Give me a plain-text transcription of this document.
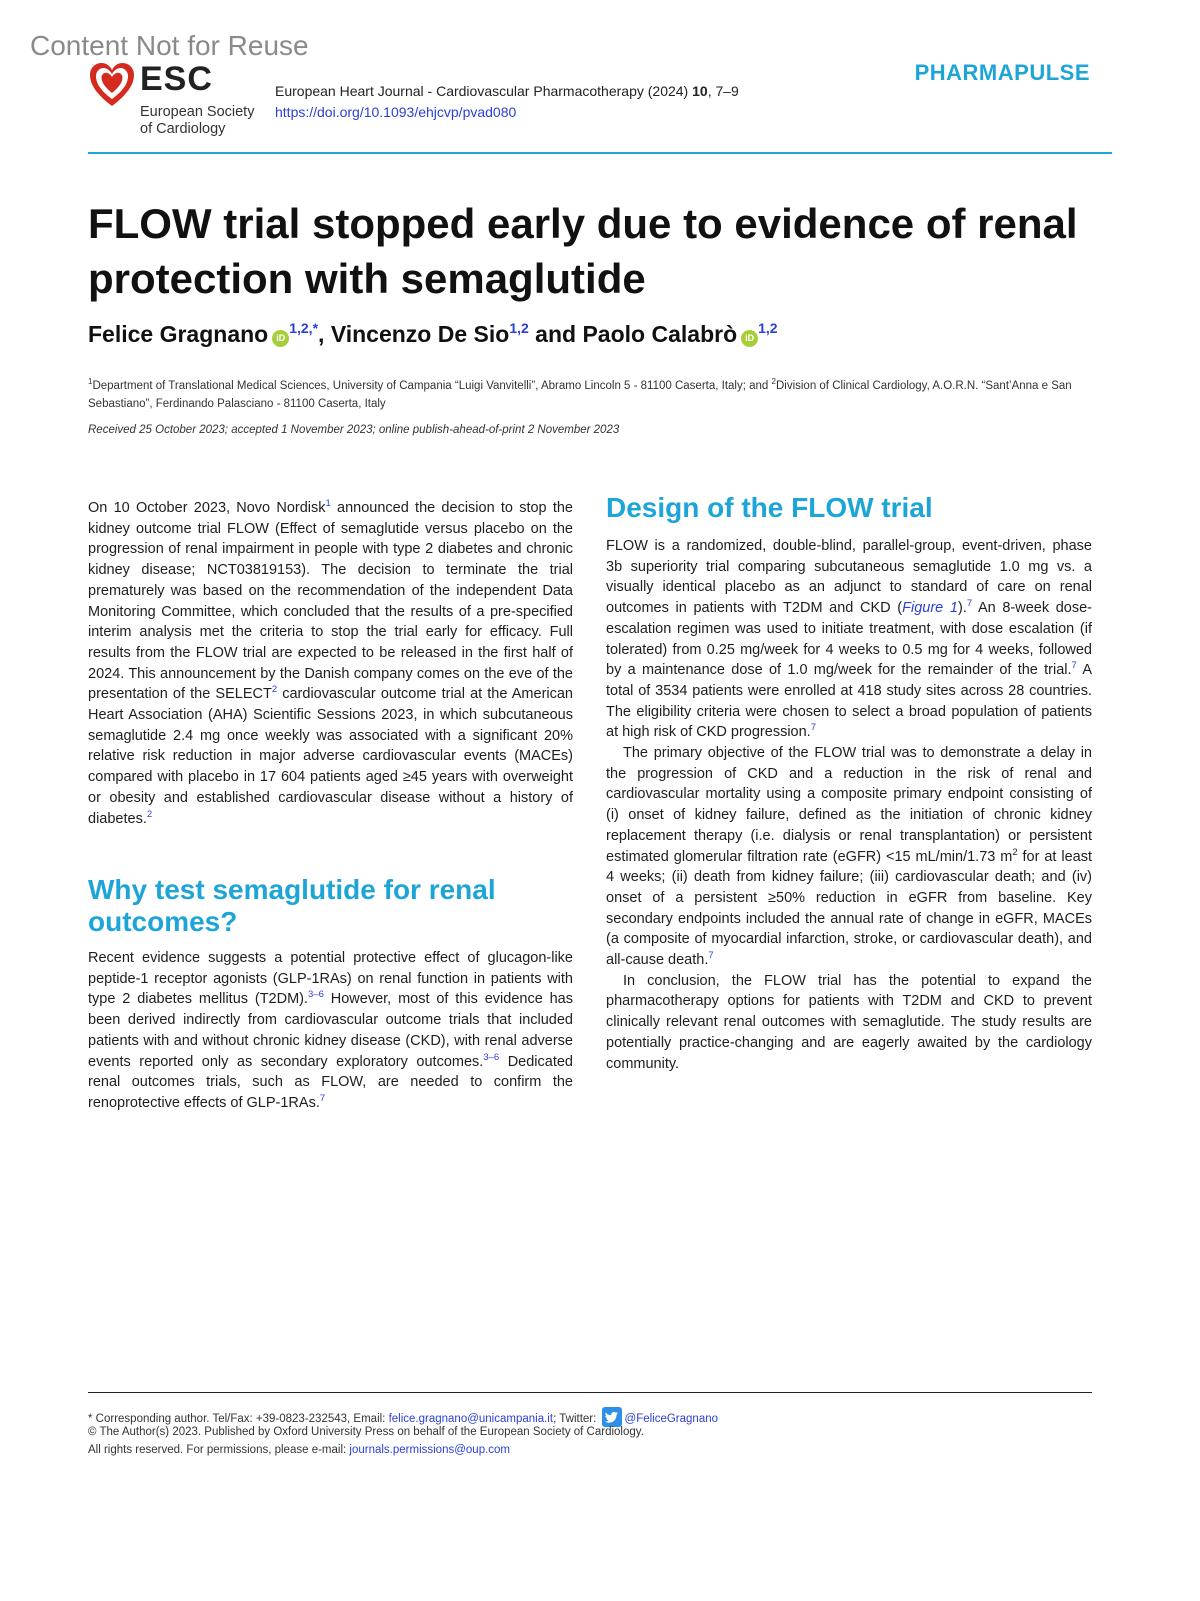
Content Not for Reuse
ESC
European Society
of Cardiology
European Heart Journal - Cardiovascular Pharmacotherapy (2024) 10, 7–9
https://doi.org/10.1093/ehjcvp/pvad080
PHARMAPULSE
FLOW trial stopped early due to evidence of renal protection with semaglutide
Felice Gragnano $iD^{1,2,*}$, Vincenzo De Sio$^{1,2}$ and Paolo Calabrò iD$^{1,2}$
$^1$Department of Translational Medical Sciences, University of Campania “Luigi Vanvitelli”, Abramo Lincoln 5 - 81100 Caserta, Italy; and $^2$Division of Clinical Cardiology, A.O.R.N. “Sant’Anna e San Sebastiano”, Ferdinando Palasciano - 81100 Caserta, Italy
Received 25 October 2023; accepted 1 November 2023; online publish-ahead-of-print 2 November 2023

On 10 October 2023, Novo Nordisk$^1$ announced the decision to stop the kidney outcome trial FLOW (Effect of semaglutide versus placebo on the progression of renal impairment in people with type 2 diabetes and chronic kidney disease; NCT03819153). The decision to terminate the trial prematurely was based on the recommendation of the independent Data Monitoring Committee, which concluded that the results of a pre-specified interim analysis met the criteria to stop the trial early for efficacy. Full results from the FLOW trial are expected to be released in the first half of 2024. This announcement by the Danish company comes on the eve of the presentation of the SELECT$^2$ cardiovascular outcome trial at the American Heart Association (AHA) Scientific Sessions 2023, in which subcutaneous semaglutide 2.4 mg once weekly was associated with a significant 20% relative risk reduction in major adverse cardiovascular events (MACEs) compared with placebo in 17 604 patients aged ≥45 years with overweight or obesity and established cardiovascular disease without a history of diabetes.$^2$

Why test semaglutide for renal outcomes?

Recent evidence suggests a potential protective effect of glucagon-like peptide-1 receptor agonists (GLP-1RAs) on renal function in patients with type 2 diabetes mellitus (T2DM).$^{3-6}$ However, most of this evidence has been derived indirectly from cardiovascular outcome trials that included patients with and without chronic kidney disease (CKD), with renal adverse events reported only as secondary exploratory outcomes.$^{3-6}$ Dedicated renal outcomes trials, such as FLOW, are needed to confirm the renoprotective effects of GLP-1RAs.$^7$

Design of the FLOW trial

FLOW is a randomized, double-blind, parallel-group, event-driven, phase 3b superiority trial comparing subcutaneous semaglutide 1.0 mg vs. a visually identical placebo as an adjunct to standard of care on renal outcomes in patients with T2DM and CKD (Figure 1).$^7$ An 8-week dose-escalation regimen was used to initiate treatment, with dose escalation (if tolerated) from 0.25 mg/week for 4 weeks to 0.5 mg for 4 weeks, followed by a maintenance dose of 1.0 mg/week for the remainder of the trial.$^7$ A total of 3534 patients were enrolled at 418 study sites across 28 countries. The eligibility criteria were chosen to select a broad population of patients at high risk of CKD progression.$^7$

The primary objective of the FLOW trial was to demonstrate a delay in the progression of CKD and a reduction in the risk of renal and cardiovascular mortality using a composite primary endpoint consisting of (i) onset of kidney failure, defined as the initiation of chronic kidney replacement therapy (i.e. dialysis or renal transplantation) or persistent estimated glomerular filtration rate (eGFR) <15 mL/min/1.73 $m^2$ for at least 4 weeks; (ii) death from kidney failure; (iii) cardiovascular death; and (iv) onset of a persistent ≥50% reduction in eGFR from baseline. Key secondary endpoints included the annual rate of change in eGFR, MACEs (a composite of myocardial infarction, stroke, or cardiovascular death), and all-cause death.$^7$

In conclusion, the FLOW trial has the potential to expand the pharmacotherapy options for patients with T2DM and CKD to prevent clinically relevant renal outcomes with semaglutide. The study results are potentially practice-changing and are eagerly awaited by the cardiology community.

* Corresponding author. Tel/Fax: +39-0823-232543, Email: felice.gragnano@unicampania.it; Twitter: @FeliceGragnano
© The Author(s) 2023. Published by Oxford University Press on behalf of the European Society of Cardiology.
All rights reserved. For permissions, please e-mail: journals.permissions@oup.com
